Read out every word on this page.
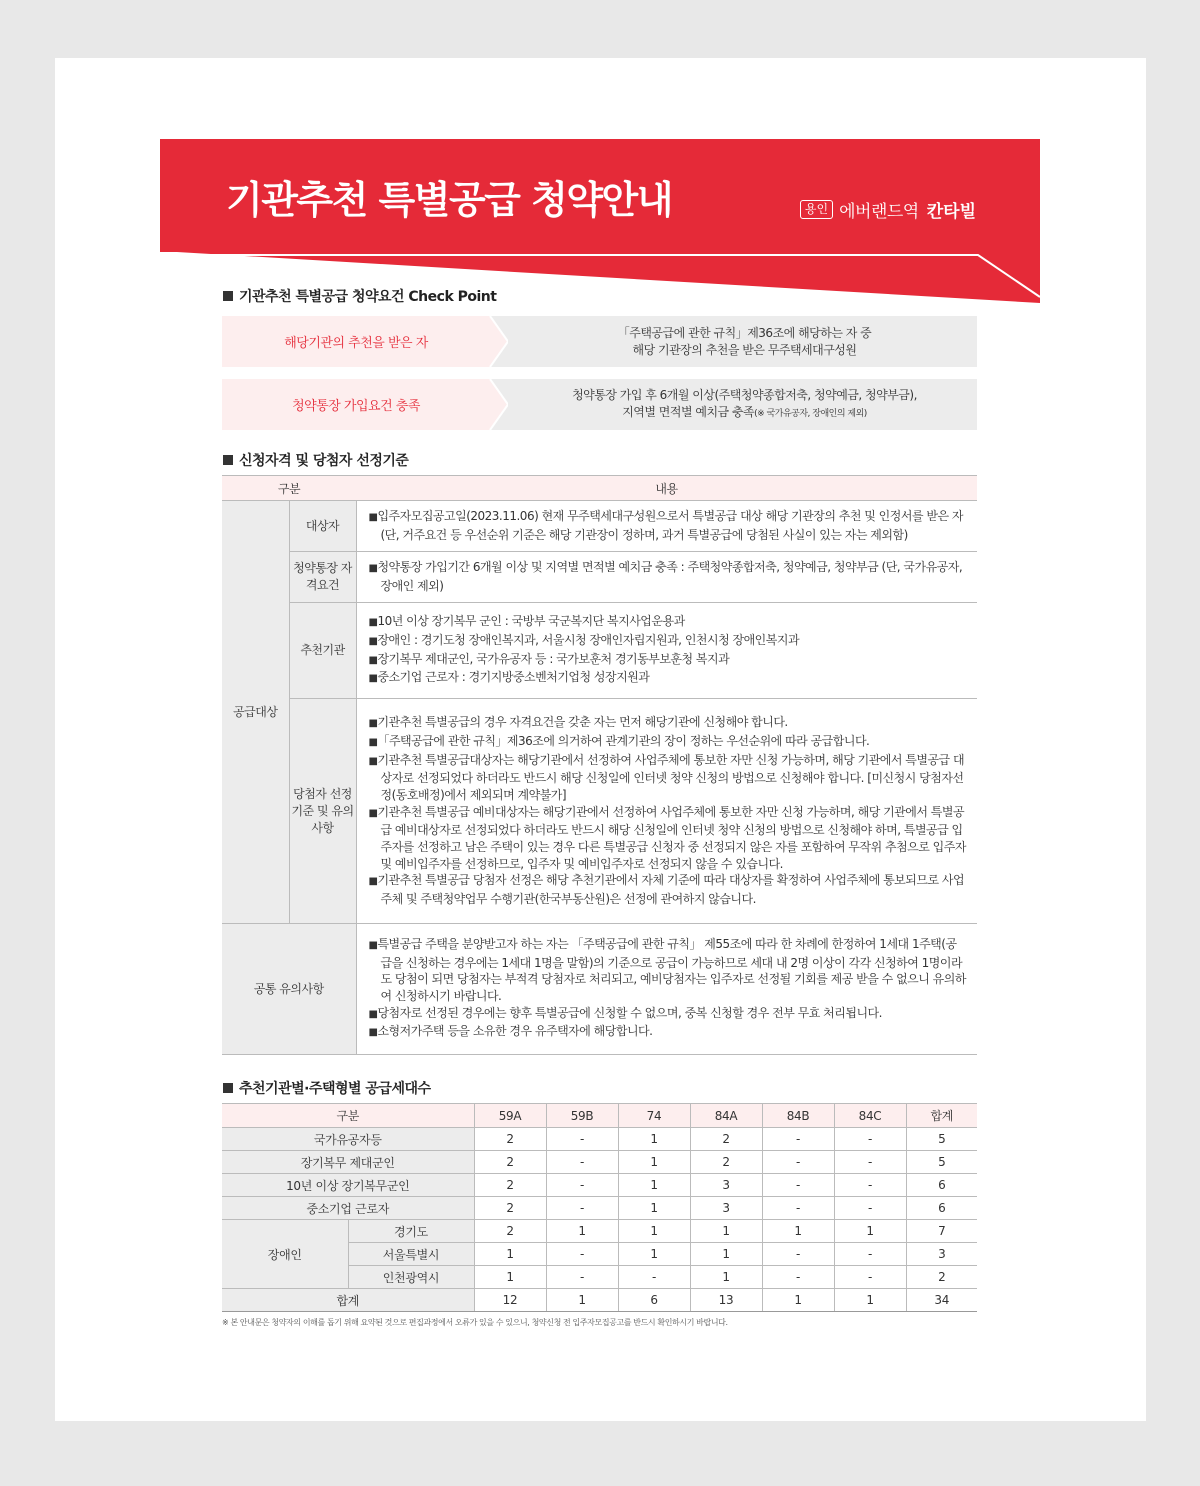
기관추천 특별공급 청약안내	용인 에버랜드역 칸타빌
기관추천 특별공급 청약요건 Check Point
해당기관의 추천을 받은 자
「주택공급에 관한 규칙」제36조에 해당하는 자 중
해당 기관장의 추천을 받은 무주택세대구성원
청약통장 가입요건 충족
청약통장 가입 후 6개월 이상(주택청약종합저축, 청약예금, 청약부금),
지역별 면적별 예치금 충족(※ 국가유공자, 장애인의 제외)
신청자격 및 당첨자 선정기준
구분		내용
공급대상	대상자	■입주자모집공고일(2023.11.06) 현재 무주택세대구성원으로서 특별공급 대상 해당 기관장의 추천 및 인정서를 받은 자(단, 거주요건 등 우선순위 기준은 해당 기관장이 정하며, 과거 특별공급에 당첨된 사실이 있는 자는 제외함)

	청약통장 자격요건	■청약통장 가입기간 6개월 이상 및 지역별 면적별 예치금 충족 : 주택청약종합저축, 청약예금, 청약부금 (단, 국가유공자, 장애인 제외)

	추천기관	■10년 이상 장기복무 군인 : 국방부 국군복지단 복지사업운용과
■장애인 : 경기도청 장애인복지과, 서울시청 장애인자립지원과, 인천시청 장애인복지과
■장기복무 제대군인, 국가유공자 등 : 국가보훈처 경기동부보훈청 복지과
■중소기업 근로자 : 경기지방중소벤처기업청 성장지원과

	당첨자 선정기준 및 유의사항	■기관추천 특별공급의 경우 자격요건을 갖춘 자는 먼저 해당기관에 신청해야 합니다.
■「주택공급에 관한 규칙」제36조에 의거하여 관계기관의 장이 정하는 우선순위에 따라 공급합니다.
■기관추천 특별공급대상자는 해당기관에서 선정하여 사업주체에 통보한 자만 신청 가능하며, 해당 기관에서 특별공급 대상자로 선정되었다 하더라도 반드시 해당 신청일에 인터넷 청약 신청의 방법으로 신청해야 합니다. [미신청시 당첨자선정(동호배정)에서 제외되며 계약불가]
■기관추천 특별공급 예비대상자는 해당기관에서 선정하여 사업주체에 통보한 자만 신청 가능하며, 해당 기관에서 특별공급 예비대상자로 선정되었다 하더라도 반드시 해당 신청일에 인터넷 청약 신청의 방법으로 신청해야 하며, 특별공급 입주자를 선정하고 남은 주택이 있는 경우 다른 특별공급 신청자 중 선정되지 않은 자를 포함하여 무작위 추첨으로 입주자 및 예비입주자를 선정하므로, 입주자 및 예비입주자로 선정되지 않을 수 있습니다.
■기관추천 특별공급 당첨자 선정은 해당 추천기관에서 자체 기준에 따라 대상자를 확정하여 사업주체에 통보되므로 사업주체 및 주택청약업무 수행기관(한국부동산원)은 선정에 관여하지 않습니다.

공통 유의사항		■특별공급 주택을 분양받고자 하는 자는 「주택공급에 관한 규칙」 제55조에 따라 한 차례에 한정하여 1세대 1주택(공급을 신청하는 경우에는 1세대 1명을 말함)의 기준으로 공급이 가능하므로 세대 내 2명 이상이 각각 신청하여 1명이라도 당첨이 되면 당첨자는 부적격 당첨자로 처리되고, 예비당첨자는 입주자로 선정될 기회를 제공 받을 수 없으니 유의하여 신청하시기 바랍니다.
■당첨자로 선정된 경우에는 향후 특별공급에 신청할 수 없으며, 중복 신청할 경우 전부 무효 처리됩니다.
■소형저가주택 등을 소유한 경우 유주택자에 해당합니다.
추천기관별·주택형별 공급세대수
구분		59A	59B	74	84A	84B	84C	합계
국가유공자등		2	-	1	2	-	-	5
장기복무 제대군인		2	-	1	2	-	-	5
10년 이상 장기복무군인		2	-	1	3	-	-	6
중소기업 근로자		2	-	1	3	-	-	6
장애인	경기도	2	1	1	1	1	1	7
	서울특별시	1	-	1	1	-	-	3
	인천광역시	1	-	-	1	-	-	2
합계		12	1	6	13	1	1	34
※ 본 안내문은 청약자의 이해를 돕기 위해 요약된 것으로 편집과정에서 오류가 있을 수 있으니, 청약신청 전 입주자모집공고를 반드시 확인하시기 바랍니다.
